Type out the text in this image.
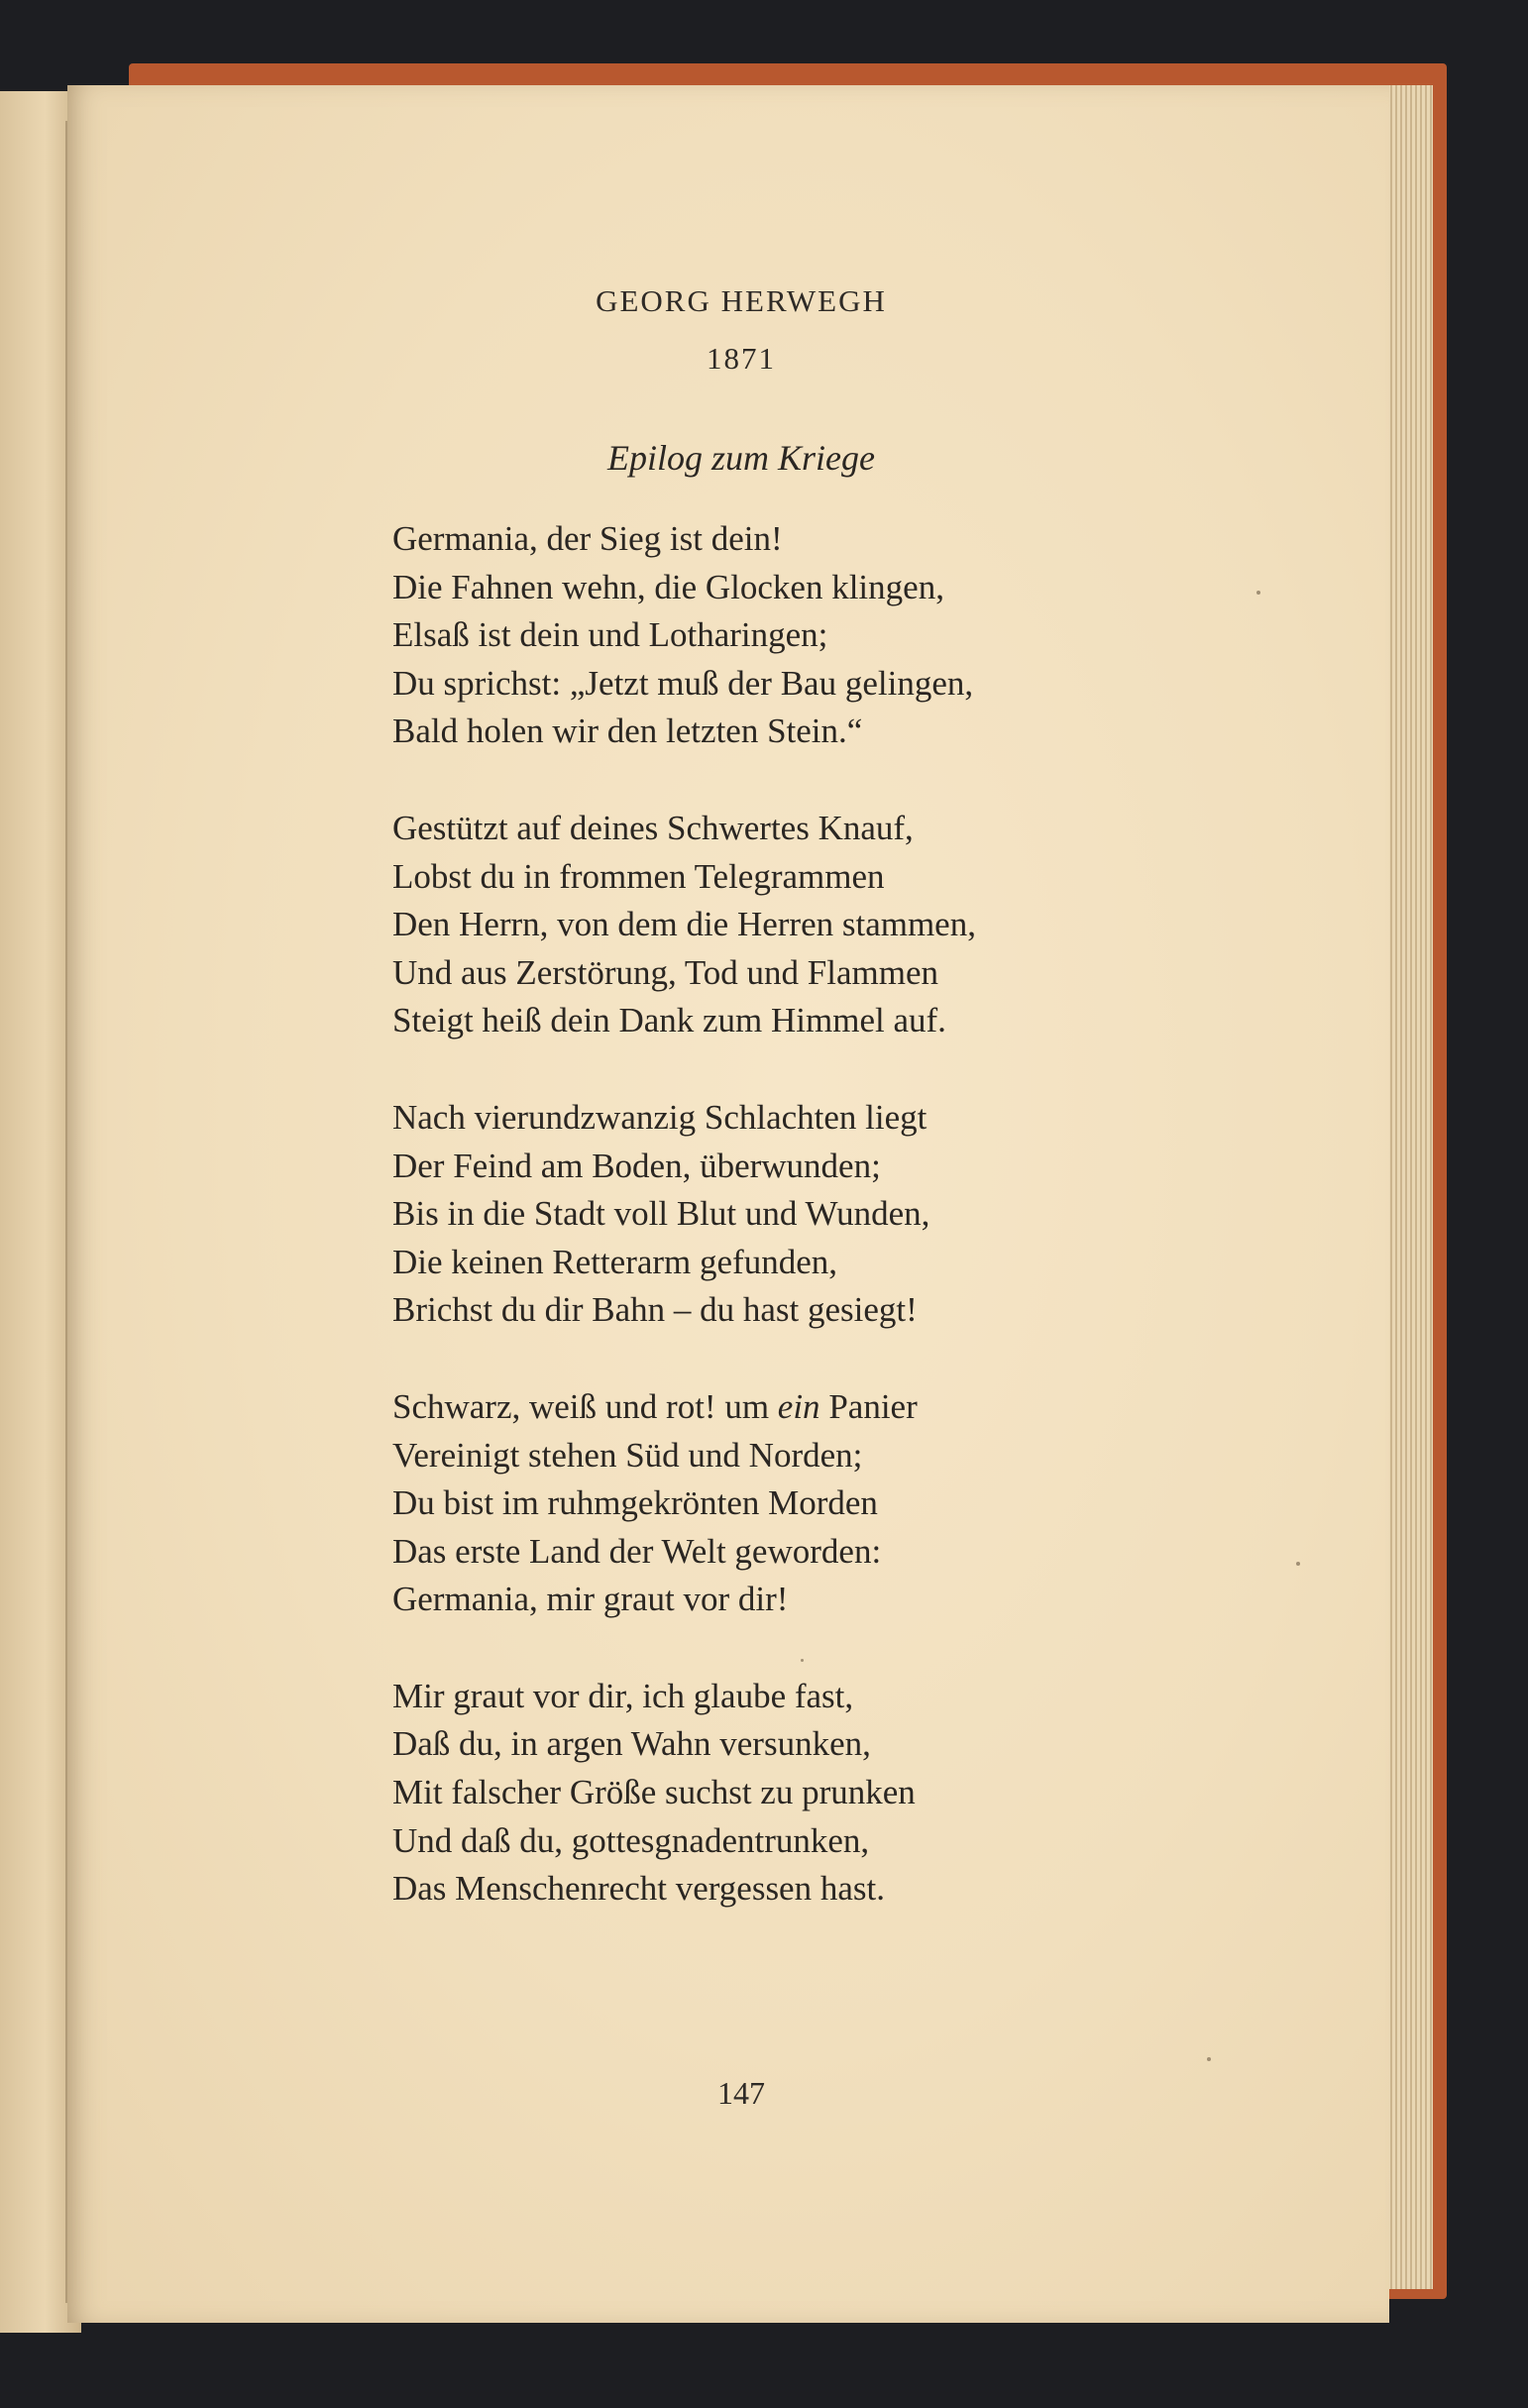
GEORG HERWEGH
1871
Epilog zum Kriege
Germania, der Sieg ist dein!
Die Fahnen wehn, die Glocken klingen,
Elsaß ist dein und Lotharingen;
Du sprichst: „Jetzt muß der Bau gelingen,
Bald holen wir den letzten Stein.“
Gestützt auf deines Schwertes Knauf,
Lobst du in frommen Telegrammen
Den Herrn, von dem die Herren stammen,
Und aus Zerstörung, Tod und Flammen
Steigt heiß dein Dank zum Himmel auf.
Nach vierundzwanzig Schlachten liegt
Der Feind am Boden, überwunden;
Bis in die Stadt voll Blut und Wunden,
Die keinen Retterarm gefunden,
Brichst du dir Bahn – du hast gesiegt!
Schwarz, weiß und rot! um ein Panier
Vereinigt stehen Süd und Norden;
Du bist im ruhmgekrönten Morden
Das erste Land der Welt geworden:
Germania, mir graut vor dir!
Mir graut vor dir, ich glaube fast,
Daß du, in argen Wahn versunken,
Mit falscher Größe suchst zu prunken
Und daß du, gottesgnadentrunken,
Das Menschenrecht vergessen hast.
147
